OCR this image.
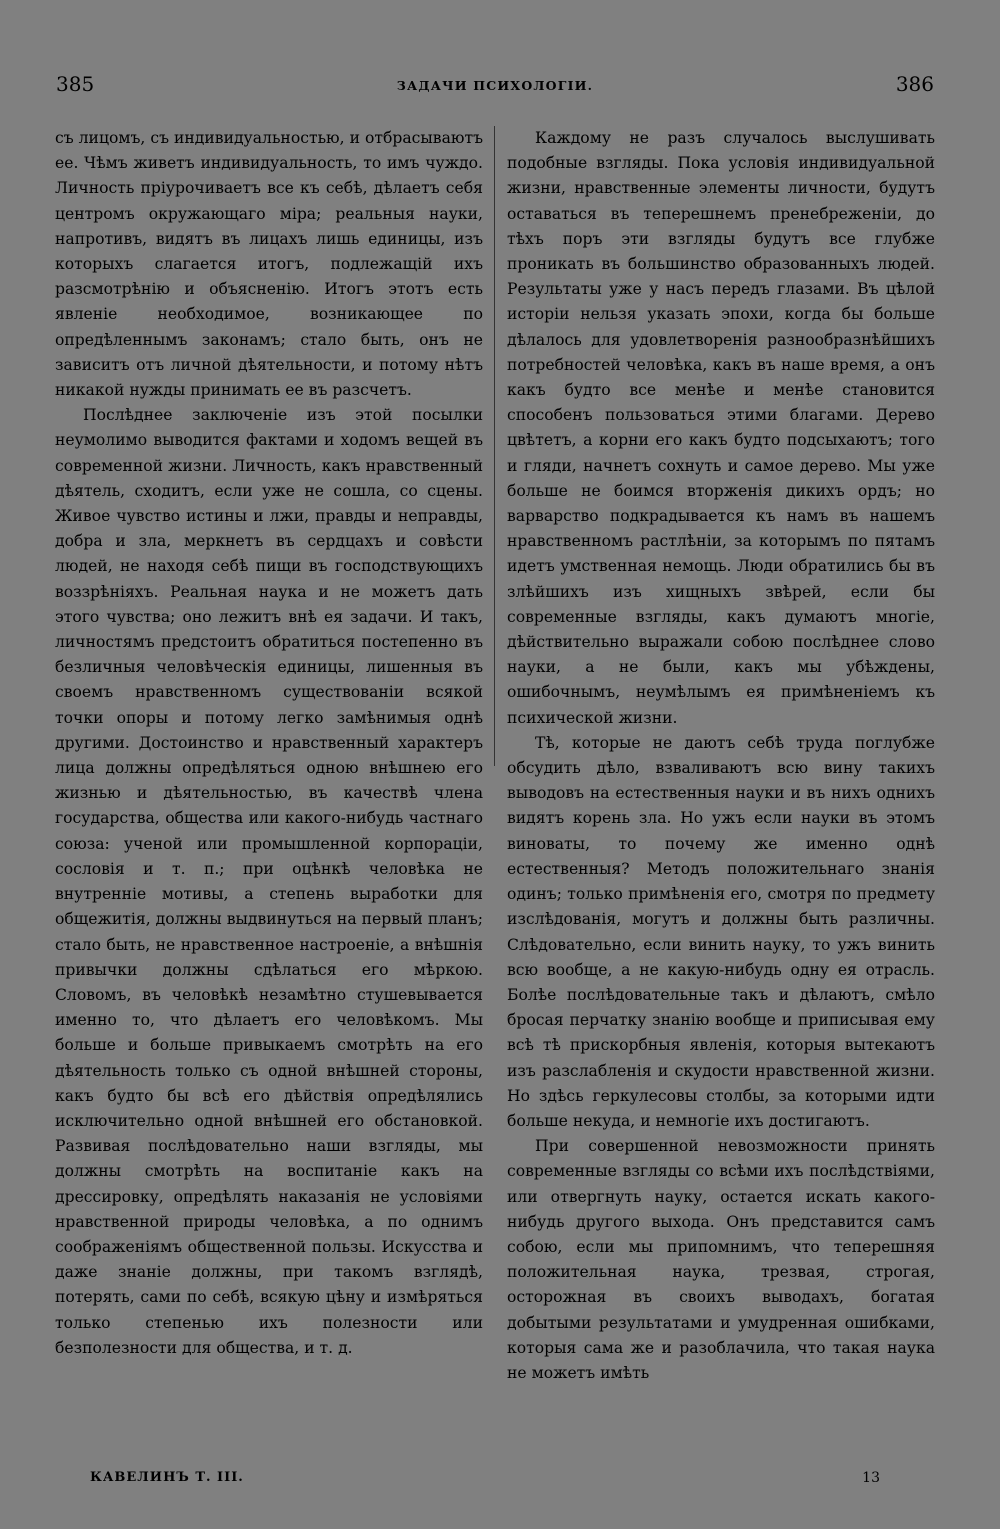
385	ЗАДАЧИ ПСИХОЛОГІИ.	386

съ лицомъ, съ индивидуальностью, и отбрасываютъ ее. Чѣмъ живетъ индивидуальность, то имъ чуждо. Личность пріурочиваетъ все къ себѣ, дѣлаетъ себя центромъ окружающаго міра; реальныя науки, напротивъ, видятъ въ лицахъ лишь единицы, изъ которыхъ слагается итогъ, подлежащій ихъ разсмотрѣнію и объясненію. Итогъ этотъ есть явленіе необходимое, возникающее по опредѣленнымъ законамъ; стало быть, онъ не зависитъ отъ личной дѣятельности, и потому нѣтъ никакой нужды принимать ее въ разсчетъ.

Послѣднее заключеніе изъ этой посылки неумолимо выводится фактами и ходомъ вещей въ современной жизни. Личность, какъ нравственный дѣятель, сходитъ, если уже не сошла, со сцены. Живое чувство истины и лжи, правды и неправды, добра и зла, меркнетъ въ сердцахъ и совѣсти людей, не находя себѣ пищи въ господствующихъ воззрѣніяхъ. Реальная наука и не можетъ дать этого чувства; оно лежитъ внѣ ея задачи. И такъ, личностямъ предстоитъ обратиться постепенно въ безличныя человѣческія единицы, лишенныя въ своемъ нравственномъ существованіи всякой точки опоры и потому легко замѣнимыя однѣ другими. Достоинство и нравственный характеръ лица должны опредѣляться одною внѣшнею его жизнью и дѣятельностью, въ качествѣ члена государства, общества или какого-нибудь частнаго союза: ученой или промышленной корпораціи, сословія и т. п.; при оцѣнкѣ человѣка не внутренніе мотивы, а степень выработки для общежитія, должны выдвинуться на первый планъ; стало быть, не нравственное настроеніе, а внѣшнія привычки должны сдѣлаться его мѣркою. Словомъ, въ человѣкѣ незамѣтно стушевывается именно то, что дѣлаетъ его человѣкомъ. Мы больше и больше привыкаемъ смотрѣть на его дѣятельность только съ одной внѣшней стороны, какъ будто бы всѣ его дѣйствія опредѣлялись исключительно одной внѣшней его обстановкой. Развивая послѣдовательно наши взгляды, мы должны смотрѣть на воспитаніе какъ на дрессировку, опредѣлять наказанія не условіями нравственной природы человѣка, а по однимъ соображеніямъ общественной пользы. Искусства и даже знаніе должны, при такомъ взглядѣ, потерять, сами по себѣ, всякую цѣну и измѣряться только степенью ихъ полезности или безполезности для общества, и т. д.

Каждому не разъ случалось выслушивать подобные взгляды. Пока условія индивидуальной жизни, нравственные элементы личности, будутъ оставаться въ теперешнемъ пренебреженіи, до тѣхъ поръ эти взгляды будутъ все глубже проникать въ большинство образованныхъ людей. Результаты уже у насъ передъ глазами. Въ цѣлой исторіи нельзя указать эпохи, когда бы больше дѣлалось для удовлетворенія разнообразнѣйшихъ потребностей человѣка, какъ въ наше время, а онъ какъ будто все менѣе и менѣе становится способенъ пользоваться этими благами. Дерево цвѣтетъ, а корни его какъ будто подсыхаютъ; того и гляди, начнетъ сохнуть и самое дерево. Мы уже больше не боимся вторженія дикихъ ордъ; но варварство подкрадывается къ намъ въ нашемъ нравственномъ растлѣніи, за которымъ по пятамъ идетъ умственная немощь. Люди обратились бы въ злѣйшихъ изъ хищныхъ звѣрей, если бы современные взгляды, какъ думаютъ многіе, дѣйствительно выражали собою послѣднее слово науки, а не были, какъ мы убѣждены, ошибочнымъ, неумѣлымъ ея примѣненіемъ къ психической жизни.

Тѣ, которые не даютъ себѣ труда поглубже обсудить дѣло, взваливаютъ всю вину такихъ выводовъ на естественныя науки и въ нихъ однихъ видятъ корень зла. Но ужъ если науки въ этомъ виноваты, то почему же именно однѣ естественныя? Методъ положительнаго знанія одинъ; только примѣненія его, смотря по предмету изслѣдованія, могутъ и должны быть различны. Слѣдовательно, если винить науку, то ужъ винить всю вообще, а не какую-нибудь одну ея отрасль. Болѣе послѣдовательные такъ и дѣлаютъ, смѣло бросая перчатку знанію вообще и приписывая ему всѣ тѣ прискорбныя явленія, которыя вытекаютъ изъ разслабленія и скудости нравственной жизни. Но здѣсь геркулесовы столбы, за которыми идти больше некуда, и немногіе ихъ достигаютъ.

При совершенной невозможности принять современные взгляды со всѣми ихъ послѣдствіями, или отвергнуть науку, остается искать какого-нибудь другого выхода. Онъ представится самъ собою, если мы припомнимъ, что теперешняя положительная наука, трезвая, строгая, осторожная въ своихъ выводахъ, богатая добытыми результатами и умудренная ошибками, которыя сама же и разоблачила, что такая наука не можетъ имѣть

КАВЕЛИНЪ Т. III.	13
